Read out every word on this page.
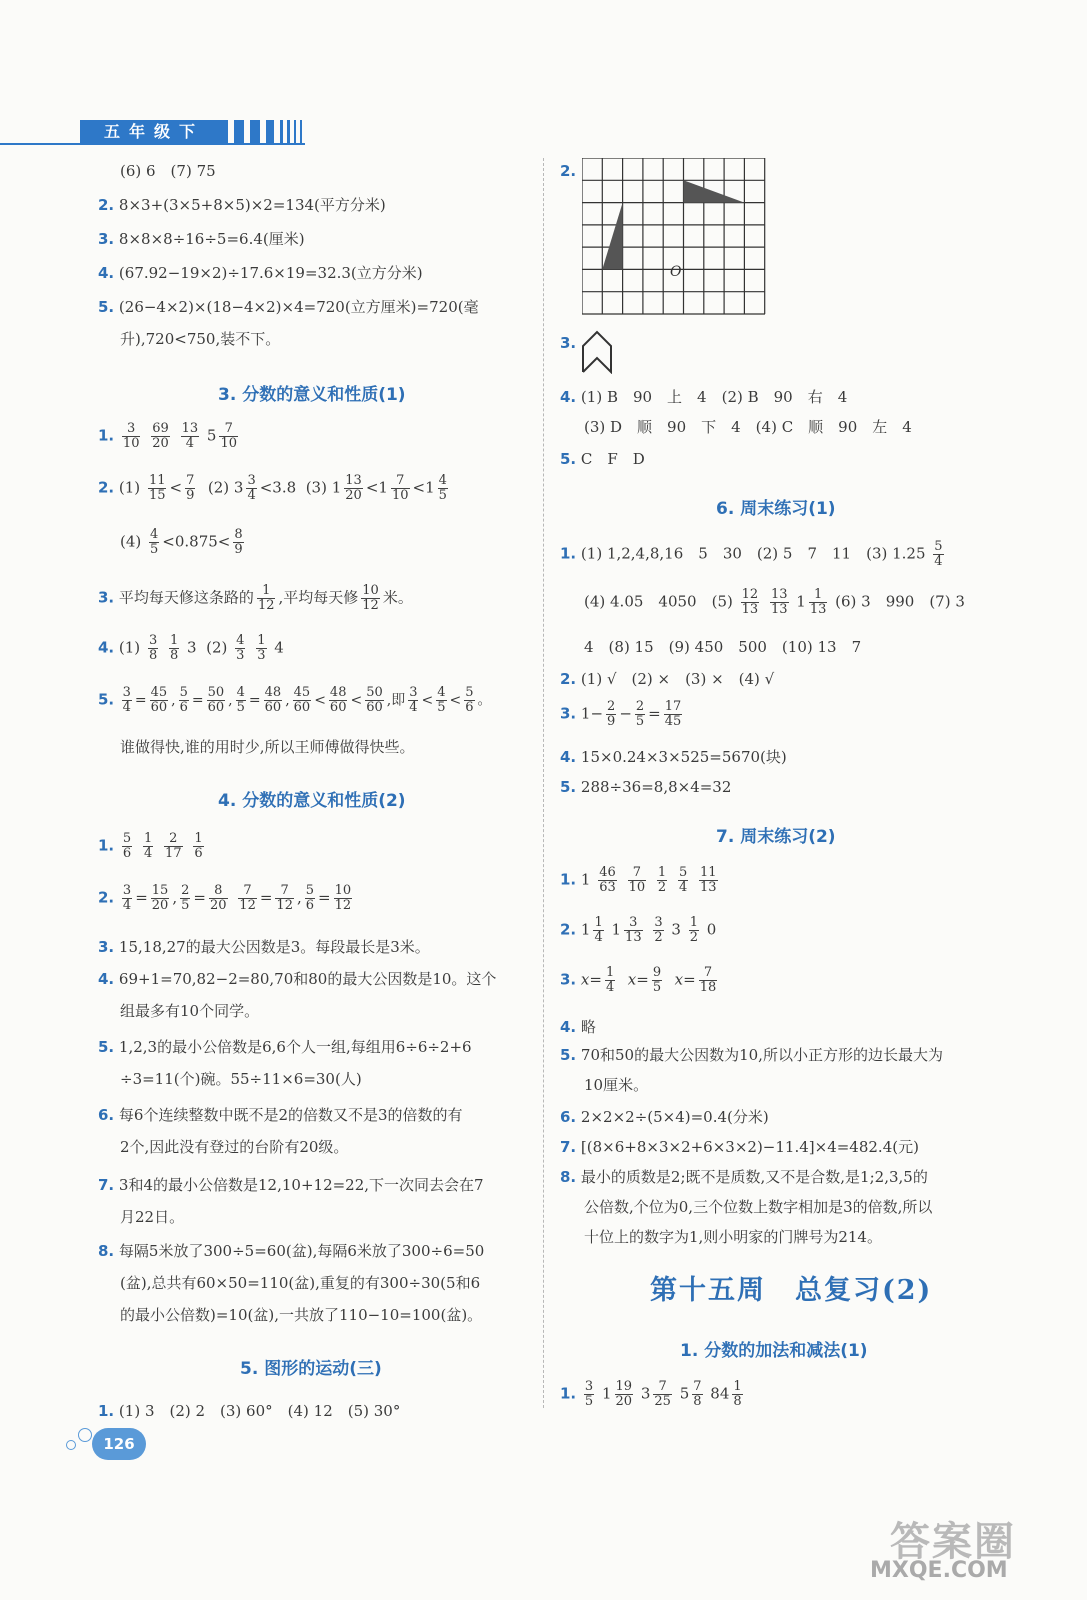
五年级下
(6) 6　(7) 75
2. 8×3+(3×5+8×5)×2=134(平方分米)
3. 8×8×8÷16÷5=6.4(厘米)
4. (67.92−19×2)÷17.6×19=32.3(立方分米)
5. (26−4×2)×(18−4×2)×4=720(立方厘米)=720(毫
升),720<750,装不下。
3. 分数的意义和性质(1)
1. $\frac{3}{10}$
$\frac{69}{20}$
$\frac{13}{4} 5 \frac{7}{10}$
2. $(1) \frac{11}{15} < \frac{7}{9} (2)$ $3 \frac{3}{4} <3.8$  (3) $1 \frac{13}{20} <1 \frac{7}{10} <1 \frac{4}{5}$
$(4) \frac{4}{5} <0.875< \frac{8}{9}$
3. 平均每天修这条路的 $\frac{1}{12}$ ,平均每天修 $\frac{10}{12}$ 米。
4. $(1) \frac{3}{8}$
$\frac{1}{8} 3$  $(2) \frac{4}{3}$
$\frac{1}{3} 4$
5. $\frac{3}{4} = \frac{45}{60}$ , $\frac{5}{6} = \frac{50}{60}$ , $\frac{4}{5} = \frac{48}{60}$ , $\frac{45}{60} < \frac{48}{60} < \frac{50}{60}$ ,即 $\frac{3}{4} < \frac{4}{5} < \frac{5}{6}$ 。
谁做得快,谁的用时少,所以王师傅做得快些。
4. 分数的意义和性质(2)
1. $\frac{5}{6}$
$\frac{1}{4}$
$\frac{2}{17}$
$\frac{1}{6}$
2. $\frac{3}{4} = \frac{15}{20}$ , $\frac{2}{5} = \frac{8}{20}$
$\frac{7}{12} = \frac{7}{12}$ , $\frac{5}{6} = \frac{10}{12}$
3. 15,18,27的最大公因数是3。每段最长是3米。
4. 69+1=70,82−2=80,70和80的最大公因数是10。这个
组最多有10个同学。
5. 1,2,3的最小公倍数是6,6个人一组,每组用6÷6÷2+6
÷3=11(个)碗。55÷11×6=30(人)
6. 每6个连续整数中既不是2的倍数又不是3的倍数的有
2个,因此没有登过的台阶有20级。
7. 3和4的最小公倍数是12,10+12=22,下一次同去会在7
月22日。
8. 每隔5米放了300÷5=60(盆),每隔6米放了300÷6=50
(盆),总共有60×50=110(盆),重复的有300÷30(5和6
的最小公倍数)=10(盆),一共放了110−10=100(盆)。
5. 图形的运动(三)
1. (1) 3　(2) 2　(3) 60°　(4) 12　(5) 30°
126
2.
O
3.
4. (1) B　90　上　4　(2) B　90　右　4
(3) D　顺　90　下　4　(4) C　顺　90　左　4
5. C　F　D
6. 周末练习(1)
1. (1) 1,2,4,8,16　5　30　(2) 5　7　11　(3) $1.25 \frac{5}{4}$
(4) 4.05　4050　$(5) \frac{12}{13}$
$\frac{13}{13} 1 \frac{1}{13} (6)$ 3　990　(7) 3
4　(8) 15　(9) 450　500　(10) 13　7
2. (1) √　(2) ×　(3) ×　(4) √
3. $1- \frac{2}{9} - \frac{2}{5} = \frac{17}{45}$
4. 15×0.24×3×525=5670(块)
5. 288÷36=8,8×4=32
7. 周末练习(2)
1. $1 \frac{46}{63}$
$\frac{7}{10}$
$\frac{1}{2}$
$\frac{5}{4}$
$\frac{11}{13}$
2. $1 \frac{1}{4} 1 \frac{3}{13}$
$\frac{3}{2} 3 \frac{1}{2} 0$
3. $x= \frac{1}{4} x= \frac{9}{5} x= \frac{7}{18}$
4. 略
5. 70和50的最大公因数为10,所以小正方形的边长最大为
10厘米。
6. 2×2×2÷(5×4)=0.4(分米)
7. [(8×6+8×3×2+6×3×2)−11.4]×4=482.4(元)
8. 最小的质数是2;既不是质数,又不是合数,是1;2,3,5的
公倍数,个位为0,三个位数上数字相加是3的倍数,所以
十位上的数字为1,则小明家的门牌号为214。
第十五周　总复习(2)
1. 分数的加法和减法(1)
1. $\frac{3}{5} 1 \frac{19}{20} 3 \frac{7}{25} 5 \frac{7}{8} 84 \frac{1}{8}$
答案圈
MXQE.COM
